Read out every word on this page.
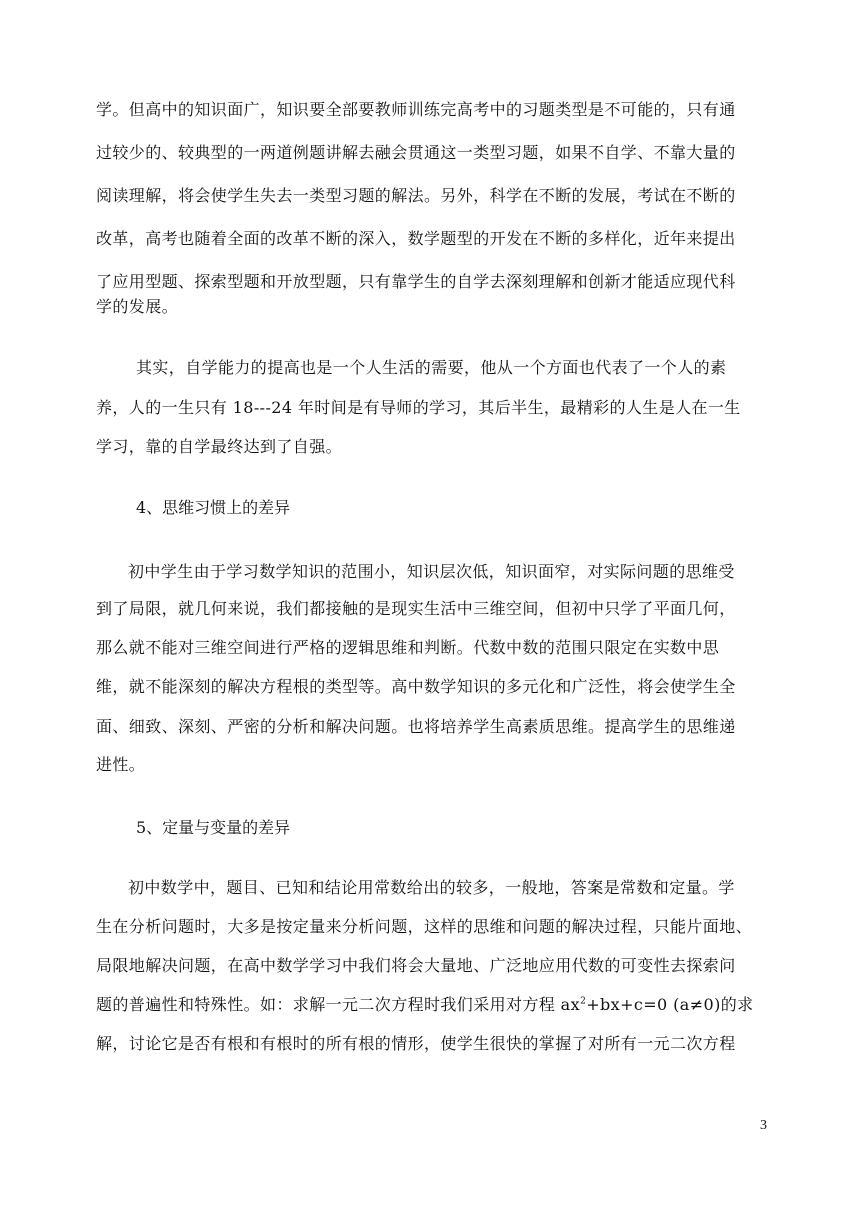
学。但高中的知识面广，知识要全部要教师训练完高考中的习题类型是不可能的，只有通
过较少的、较典型的一两道例题讲解去融会贯通这一类型习题，如果不自学、不靠大量的
阅读理解，将会使学生失去一类型习题的解法。另外，科学在不断的发展，考试在不断的
改革，高考也随着全面的改革不断的深入，数学题型的开发在不断的多样化，近年来提出
了应用型题、探索型题和开放型题，只有靠学生的自学去深刻理解和创新才能适应现代科
学的发展。
其实，自学能力的提高也是一个人生活的需要，他从一个方面也代表了一个人的素
养，人的一生只有 18---24 年时间是有导师的学习，其后半生，最精彩的人生是人在一生
学习，靠的自学最终达到了自强。
4、思维习惯上的差异
初中学生由于学习数学知识的范围小，知识层次低，知识面窄，对实际问题的思维受
到了局限，就几何来说，我们都接触的是现实生活中三维空间，但初中只学了平面几何，
那么就不能对三维空间进行严格的逻辑思维和判断。代数中数的范围只限定在实数中思
维，就不能深刻的解决方程根的类型等。高中数学知识的多元化和广泛性，将会使学生全
面、细致、深刻、严密的分析和解决问题。也将培养学生高素质思维。提高学生的思维递
进性。
5、定量与变量的差异
初中数学中，题目、已知和结论用常数给出的较多，一般地，答案是常数和定量。学
生在分析问题时，大多是按定量来分析问题，这样的思维和问题的解决过程，只能片面地、
局限地解决问题，在高中数学学习中我们将会大量地、广泛地应用代数的可变性去探索问
题的普遍性和特殊性。如：求解一元二次方程时我们采用对方程 $ax^2+bx+c=0$ (a≠0)的求
解，讨论它是否有根和有根时的所有根的情形，使学生很快的掌握了对所有一元二次方程
3
